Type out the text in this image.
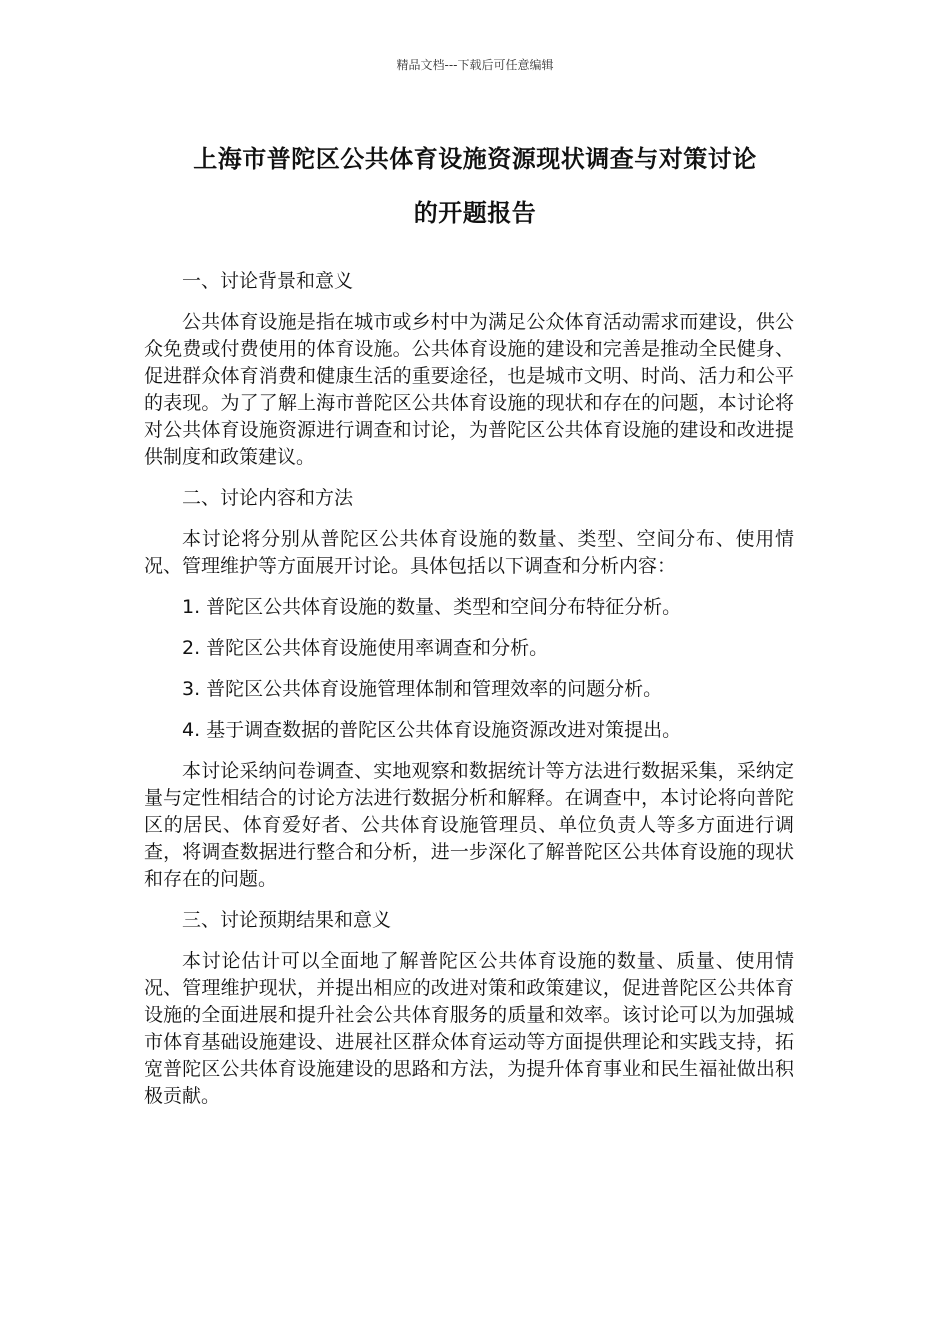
精品文档---下载后可任意编辑
上海市普陀区公共体育设施资源现状调查与对策讨论
的开题报告

一、讨论背景和意义

公共体育设施是指在城市或乡村中为满足公众体育活动需求而建设，供公众免费或付费使用的体育设施。公共体育设施的建设和完善是推动全民健身、促进群众体育消费和健康生活的重要途径，也是城市文明、时尚、活力和公平的表现。为了了解上海市普陀区公共体育设施的现状和存在的问题，本讨论将对公共体育设施资源进行调查和讨论，为普陀区公共体育设施的建设和改进提供制度和政策建议。

二、讨论内容和方法

本讨论将分别从普陀区公共体育设施的数量、类型、空间分布、使用情况、管理维护等方面展开讨论。具体包括以下调查和分析内容：

1. 普陀区公共体育设施的数量、类型和空间分布特征分析。

2. 普陀区公共体育设施使用率调查和分析。

3. 普陀区公共体育设施管理体制和管理效率的问题分析。

4. 基于调查数据的普陀区公共体育设施资源改进对策提出。

本讨论采纳问卷调查、实地观察和数据统计等方法进行数据采集，采纳定量与定性相结合的讨论方法进行数据分析和解释。在调查中，本讨论将向普陀区的居民、体育爱好者、公共体育设施管理员、单位负责人等多方面进行调查，将调查数据进行整合和分析，进一步深化了解普陀区公共体育设施的现状和存在的问题。

三、讨论预期结果和意义

本讨论估计可以全面地了解普陀区公共体育设施的数量、质量、使用情况、管理维护现状，并提出相应的改进对策和政策建议，促进普陀区公共体育设施的全面进展和提升社会公共体育服务的质量和效率。该讨论可以为加强城市体育基础设施建设、进展社区群众体育运动等方面提供理论和实践支持，拓宽普陀区公共体育设施建设的思路和方法，为提升体育事业和民生福祉做出积极贡献。
